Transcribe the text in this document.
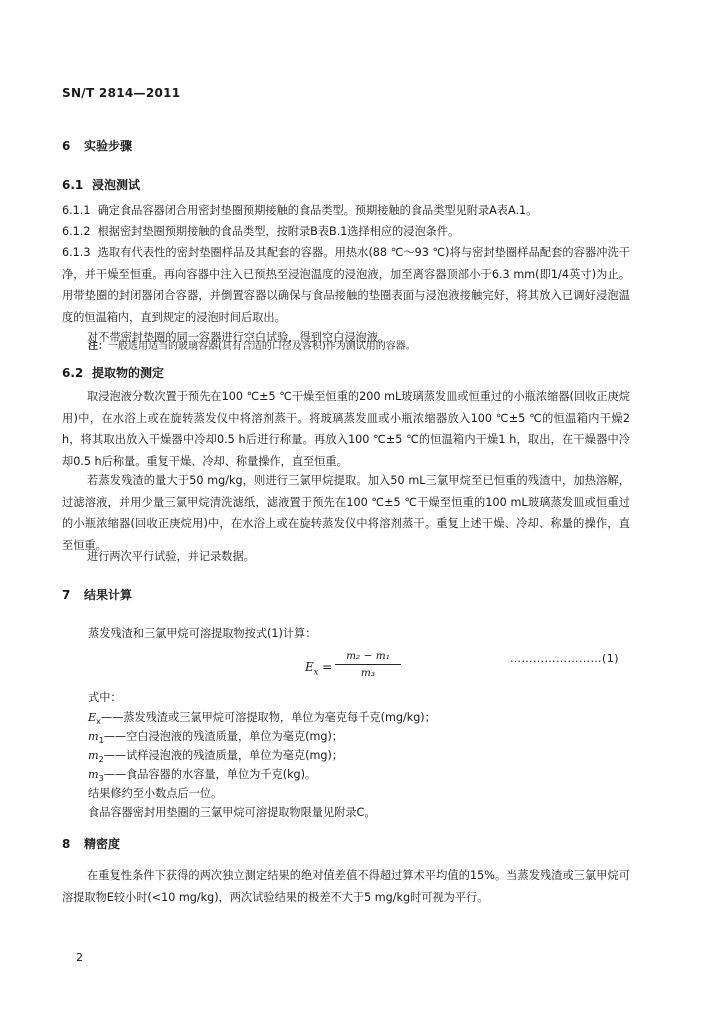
SN/T 2814—2011
6 实验步骤
6.1 浸泡测试
6.1.1 确定食品容器闭合用密封垫圈预期接触的食品类型。预期接触的食品类型见附录A表A.1。
6.1.2 根据密封垫圈预期接触的食品类型，按附录B表B.1选择相应的浸泡条件。
6.1.3 选取有代表性的密封垫圈样品及其配套的容器。用热水(88 ℃～93 ℃)将与密封垫圈样品配套的容器冲洗干净，并干燥至恒重。再向容器中注入已预热至浸泡温度的浸泡液，加至离容器顶部小于6.3 mm(即1/4英寸)为止。用带垫圈的封闭器闭合容器，并倒置容器以确保与食品接触的垫圈表面与浸泡液接触完好，将其放入已调好浸泡温度的恒温箱内，直到规定的浸泡时间后取出。
对不带密封垫圈的同一容器进行空白试验，得到空白浸泡液。
注：一般选用适当的玻璃容器(具有合适的口径及容积)作为测试用的容器。
6.2 提取物的测定
取浸泡液分数次置于预先在100 ℃±5 ℃干燥至恒重的200 mL玻璃蒸发皿或恒重过的小瓶浓缩器(回收正庚烷用)中，在水浴上或在旋转蒸发仪中将溶剂蒸干。将玻璃蒸发皿或小瓶浓缩器放入100 ℃±5 ℃的恒温箱内干燥2 h，将其取出放入干燥器中冷却0.5 h后进行称量。再放入100 ℃±5 ℃的恒温箱内干燥1 h，取出，在干燥器中冷却0.5 h后称量。重复干燥、冷却、称量操作，直至恒重。
若蒸发残渣的量大于50 mg/kg，则进行三氯甲烷提取。加入50 mL三氯甲烷至已恒重的残渣中，加热溶解，过滤溶液，并用少量三氯甲烷清洗滤纸，滤液置于预先在100 ℃±5 ℃干燥至恒重的100 mL玻璃蒸发皿或恒重过的小瓶浓缩器(回收正庚烷用)中，在水浴上或在旋转蒸发仪中将溶剂蒸干。重复上述干燥、冷却、称量的操作，直至恒重。
进行两次平行试验，并记录数据。
7 结果计算
蒸发残渣和三氯甲烷可溶提取物按式(1)计算：
$E_x$ =
m₂ − m₁
m₃
……………………(1)
式中：
$E_x——$蒸发残渣或三氯甲烷可溶提取物，单位为毫克每千克(mg/kg)；
$m_1——$空白浸泡液的残渣质量，单位为毫克(mg)；
$m_2——$试样浸泡液的残渣质量，单位为毫克(mg)；
$m_3——$食品容器的水容量，单位为千克(kg)。
结果修约至小数点后一位。
食品容器密封用垫圈的三氯甲烷可溶提取物限量见附录C。
8 精密度
在重复性条件下获得的两次独立测定结果的绝对值差值不得超过算术平均值的15%。当蒸发残渣或三氯甲烷可溶提取物E较小时(<10 mg/kg)，两次试验结果的极差不大于5 mg/kg时可视为平行。
2
